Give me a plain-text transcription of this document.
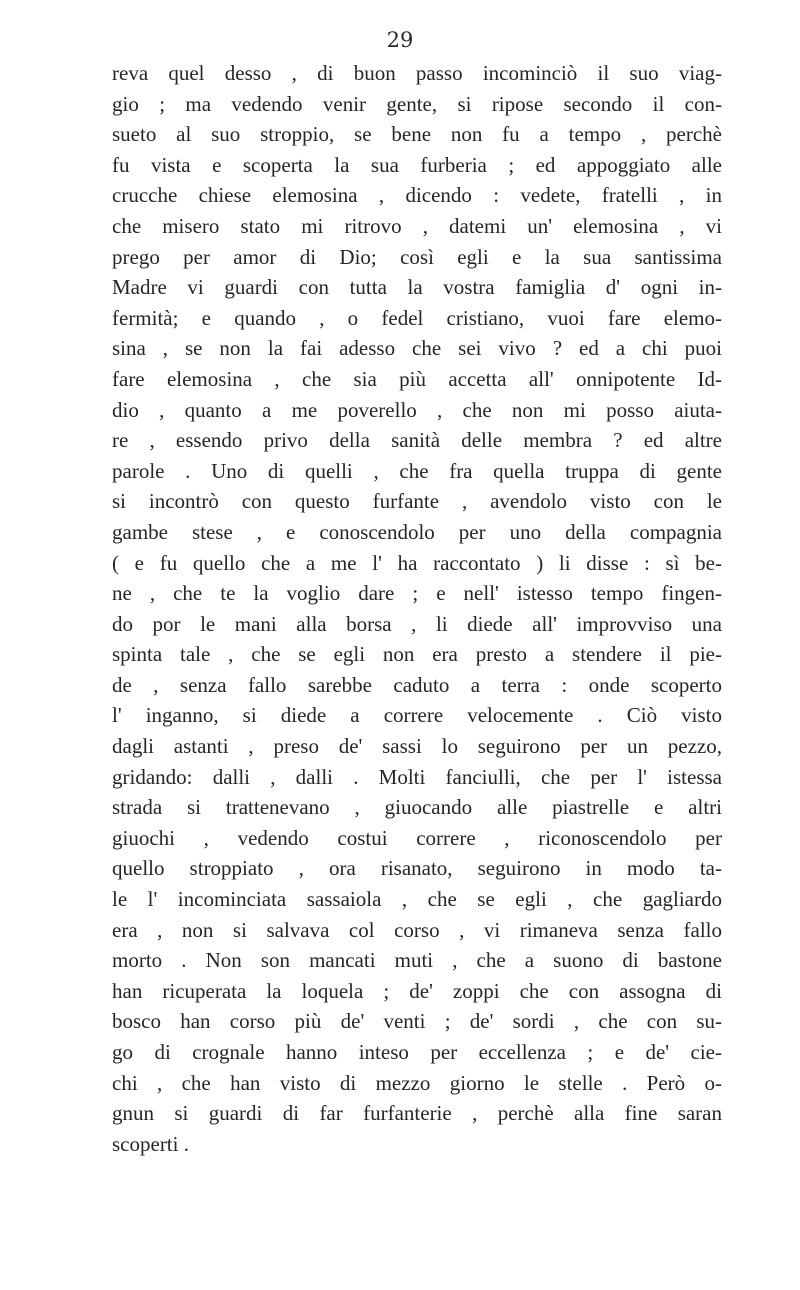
29
reva quel desso , di buon passo incominciò il suo viag-
gio ; ma vedendo venir gente, si ripose secondo il con-
sueto al suo stroppio, se bene non fu a tempo , perchè
fu vista e scoperta la sua furberia ; ed appoggiato alle
crucche chiese elemosina , dicendo : vedete, fratelli , in
che misero stato mi ritrovo , datemi un' elemosina , vi
prego per amor di Dio; così egli e la sua santissima
Madre vi guardi con tutta la vostra famiglia d' ogni in-
fermità; e quando , o fedel cristiano, vuoi fare elemo-
sina , se non la fai adesso che sei vivo ? ed a chi puoi
fare elemosina , che sia più accetta all' onnipotente Id-
dio , quanto a me poverello , che non mi posso aiuta-
re , essendo privo della sanità delle membra ? ed altre
parole . Uno di quelli , che fra quella truppa di gente
si incontrò con questo furfante , avendolo visto con le
gambe stese , e conoscendolo per uno della compagnia
( e fu quello che a me l' ha raccontato ) li disse : sì be-
ne , che te la voglio dare ; e nell' istesso tempo fingen-
do por le mani alla borsa , li diede all' improvviso una
spinta tale , che se egli non era presto a stendere il pie-
de , senza fallo sarebbe caduto a terra : onde scoperto
l' inganno, si diede a correre velocemente . Ciò visto
dagli astanti , preso de' sassi lo seguirono per un pezzo,
gridando: dalli , dalli . Molti fanciulli, che per l' istessa
strada si trattenevano , giuocando alle piastrelle e altri
giuochi , vedendo costui correre , riconoscendolo per
quello stroppiato , ora risanato, seguirono in modo ta-
le l' incominciata sassaiola , che se egli , che gagliardo
era , non si salvava col corso , vi rimaneva senza fallo
morto . Non son mancati muti , che a suono di bastone
han ricuperata la loquela ; de' zoppi che con assogna di
bosco han corso più de' venti ; de' sordi , che con su-
go di crognale hanno inteso per eccellenza ; e de' cie-
chi , che han visto di mezzo giorno le stelle . Però o-
gnun si guardi di far furfanterie , perchè alla fine saran
scoperti .
